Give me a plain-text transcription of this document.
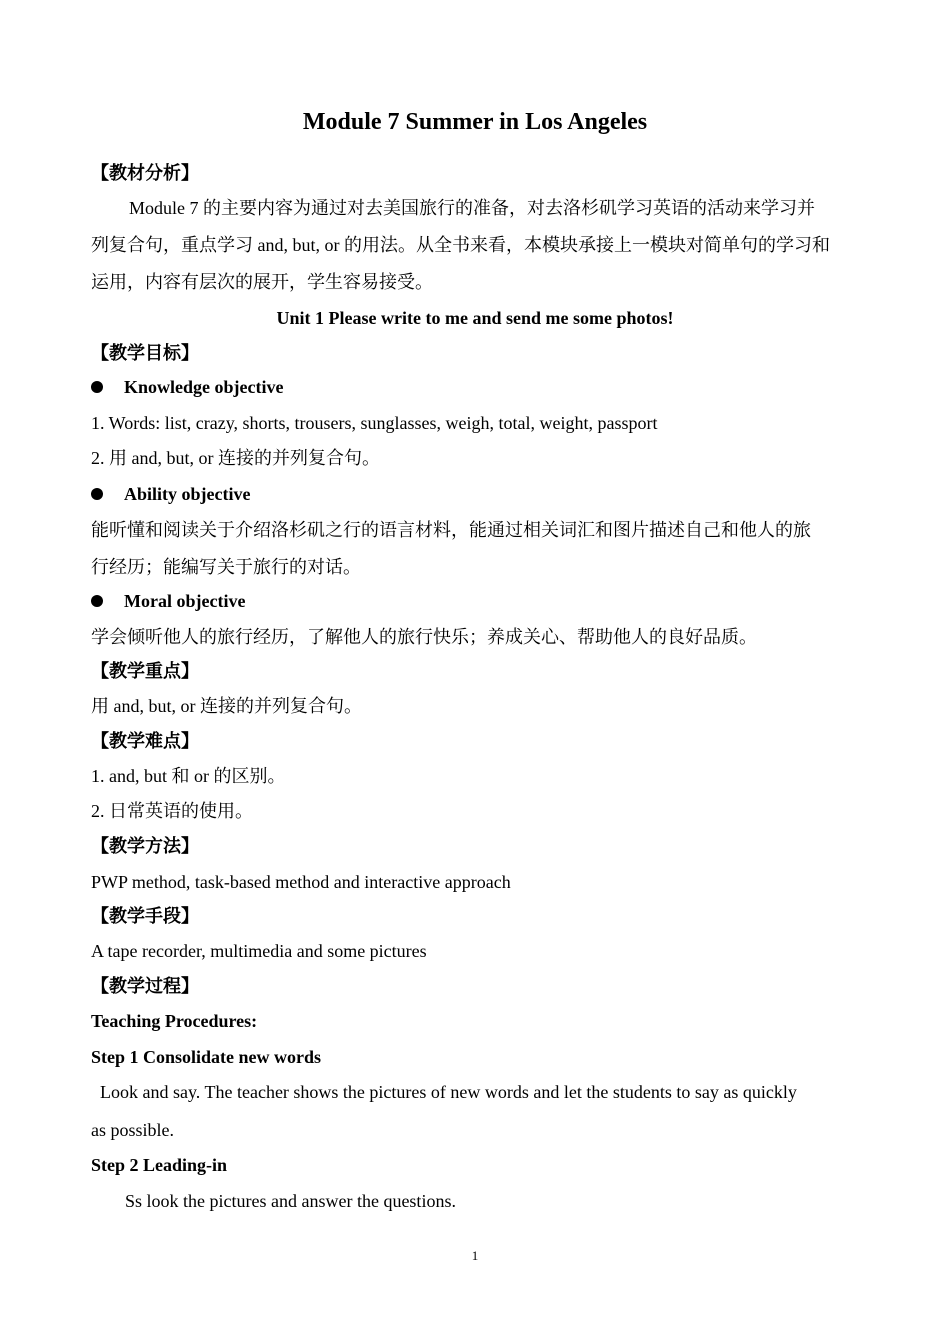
Module 7 Summer in Los Angeles
【教材分析】
Module 7 的主要内容为通过对去美国旅行的准备，对去洛杉矶学习英语的活动来学习并
列复合句，重点学习 and, but, or 的用法。从全书来看，本模块承接上一模块对简单句的学习和
运用，内容有层次的展开，学生容易接受。
Unit 1 Please write to me and send me some photos!
【教学目标】
Knowledge objective
1. Words: list, crazy, shorts, trousers, sunglasses, weigh, total, weight, passport
2. 用 and, but, or 连接的并列复合句。
Ability objective
能听懂和阅读关于介绍洛杉矶之行的语言材料，能通过相关词汇和图片描述自己和他人的旅
行经历；能编写关于旅行的对话。
Moral objective
学会倾听他人的旅行经历，了解他人的旅行快乐；养成关心、帮助他人的良好品质。
【教学重点】
用 and, but, or 连接的并列复合句。
【教学难点】
1. and, but 和 or 的区别。
2. 日常英语的使用。
【教学方法】
PWP method, task-based method and interactive approach
【教学手段】
A tape recorder, multimedia and some pictures
【教学过程】
Teaching Procedures:
Step 1 Consolidate new words
Look and say. The teacher shows the pictures of new words and let the students to say as quickly
as possible.
Step 2 Leading-in
Ss look the pictures and answer the questions.
1
